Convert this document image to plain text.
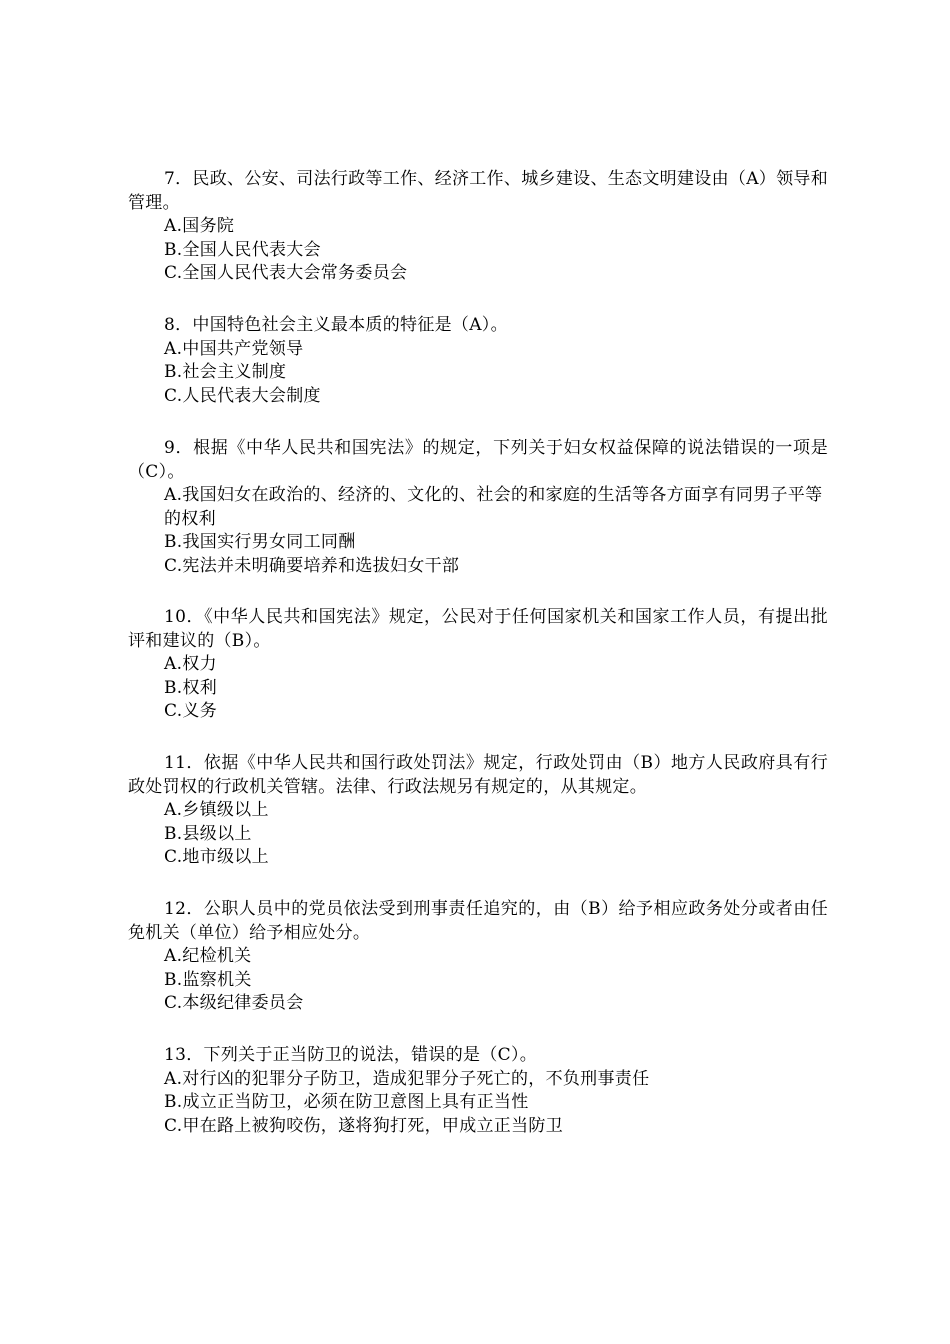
7．民政、公安、司法行政等工作、经济工作、城乡建设、生态文明建设由（A）领导和管理。

A.国务院

B.全国人民代表大会

C.全国人民代表大会常务委员会

8．中国特色社会主义最本质的特征是（A）。

A.中国共产党领导

B.社会主义制度

C.人民代表大会制度

9．根据《中华人民共和国宪法》的规定，下列关于妇女权益保障的说法错误的一项是（C）。

A.我国妇女在政治的、经济的、文化的、社会的和家庭的生活等各方面享有同男子平等的权利

B.我国实行男女同工同酬

C.宪法并未明确要培养和选拔妇女干部

10．《中华人民共和国宪法》规定，公民对于任何国家机关和国家工作人员，有提出批评和建议的（B）。

A.权力

B.权利

C.义务

11．依据《中华人民共和国行政处罚法》规定，行政处罚由（B）地方人民政府具有行政处罚权的行政机关管辖。法律、行政法规另有规定的，从其规定。

A.乡镇级以上

B.县级以上

C.地市级以上

12．公职人员中的党员依法受到刑事责任追究的，由（B）给予相应政务处分或者由任免机关（单位）给予相应处分。

A.纪检机关

B.监察机关

C.本级纪律委员会

13．下列关于正当防卫的说法，错误的是（C）。

A.对行凶的犯罪分子防卫，造成犯罪分子死亡的，不负刑事责任

B.成立正当防卫，必须在防卫意图上具有正当性

C.甲在路上被狗咬伤，遂将狗打死，甲成立正当防卫
